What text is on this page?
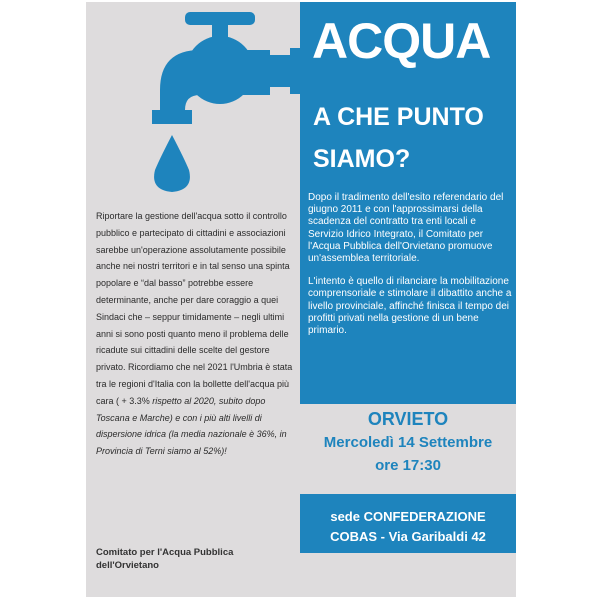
ACQUA
A CHE PUNTO
SIAMO?

Dopo il tradimento dell'esito referendario del giugno 2011 e con l'approssimarsi della scadenza del contratto tra enti locali e Servizio Idrico Integrato, il Comitato per l'Acqua Pubblica dell'Orvietano promuove un'assemblea territoriale.

L'intento è quello di rilanciare la mobilitazione comprensoriale e stimolare il dibattito anche a livello provinciale, affinché finisca il tempo dei profitti privati nella gestione di un bene primario.

Riportare la gestione dell'acqua sotto il controllo pubblico e partecipato di cittadini e associazioni sarebbe un'operazione assolutamente possibile anche nei nostri territori e in tal senso una spinta popolare e “dal basso” potrebbe essere determinante, anche per dare coraggio a quei Sindaci che – seppur timidamente – negli ultimi anni si sono posti quanto meno il problema delle ricadute sui cittadini delle scelte del gestore privato. Ricordiamo che nel 2021 l'Umbria è stata tra le regioni d'Italia con la bollette dell'acqua più cara ( + 3.3% rispetto al 2020, subito dopo Toscana e Marche) e con i più alti livelli di dispersione idrica (la media nazionale è 36%, in Provincia di Terni siamo al 52%)!
Comitato per l'Acqua Pubblica dell'Orvietano
ORVIETO
Mercoledì 14 Settembre
ore 17:30
sede CONFEDERAZIONE
COBAS - Via Garibaldi 42
